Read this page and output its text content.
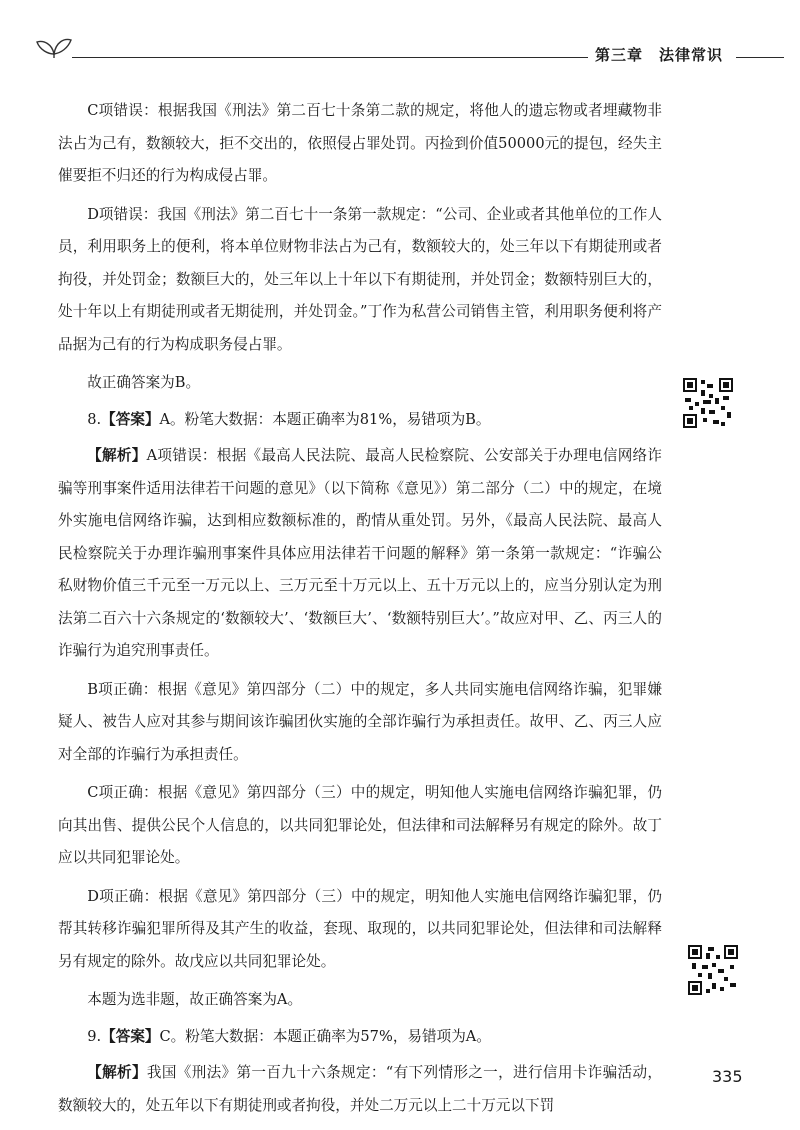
第三章　法律常识

C项错误：根据我国《刑法》第二百七十条第二款的规定，将他人的遗忘物或者埋藏物非法占为己有，数额较大，拒不交出的，依照侵占罪处罚。丙捡到价值50000元的提包，经失主催要拒不归还的行为构成侵占罪。

D项错误：我国《刑法》第二百七十一条第一款规定：“公司、企业或者其他单位的工作人员，利用职务上的便利，将本单位财物非法占为己有，数额较大的，处三年以下有期徒刑或者拘役，并处罚金；数额巨大的，处三年以上十年以下有期徒刑，并处罚金；数额特别巨大的，处十年以上有期徒刑或者无期徒刑，并处罚金。”丁作为私营公司销售主管，利用职务便利将产品据为己有的行为构成职务侵占罪。

故正确答案为B。

8.【答案】A。粉笔大数据：本题正确率为81%，易错项为B。

【解析】A项错误：根据《最高人民法院、最高人民检察院、公安部关于办理电信网络诈骗等刑事案件适用法律若干问题的意见》（以下简称《意见》）第二部分（二）中的规定，在境外实施电信网络诈骗，达到相应数额标准的，酌情从重处罚。另外，《最高人民法院、最高人民检察院关于办理诈骗刑事案件具体应用法律若干问题的解释》第一条第一款规定：“诈骗公私财物价值三千元至一万元以上、三万元至十万元以上、五十万元以上的，应当分别认定为刑法第二百六十六条规定的‘数额较大’、‘数额巨大’、‘数额特别巨大’。”故应对甲、乙、丙三人的诈骗行为追究刑事责任。

B项正确：根据《意见》第四部分（二）中的规定，多人共同实施电信网络诈骗，犯罪嫌疑人、被告人应对其参与期间该诈骗团伙实施的全部诈骗行为承担责任。故甲、乙、丙三人应对全部的诈骗行为承担责任。

C项正确：根据《意见》第四部分（三）中的规定，明知他人实施电信网络诈骗犯罪，仍向其出售、提供公民个人信息的，以共同犯罪论处，但法律和司法解释另有规定的除外。故丁应以共同犯罪论处。

D项正确：根据《意见》第四部分（三）中的规定，明知他人实施电信网络诈骗犯罪，仍帮其转移诈骗犯罪所得及其产生的收益，套现、取现的，以共同犯罪论处，但法律和司法解释另有规定的除外。故戊应以共同犯罪论处。

本题为选非题，故正确答案为A。

9.【答案】C。粉笔大数据：本题正确率为57%，易错项为A。

【解析】我国《刑法》第一百九十六条规定：“有下列情形之一，进行信用卡诈骗活动，数额较大的，处五年以下有期徒刑或者拘役，并处二万元以上二十万元以下罚

335
